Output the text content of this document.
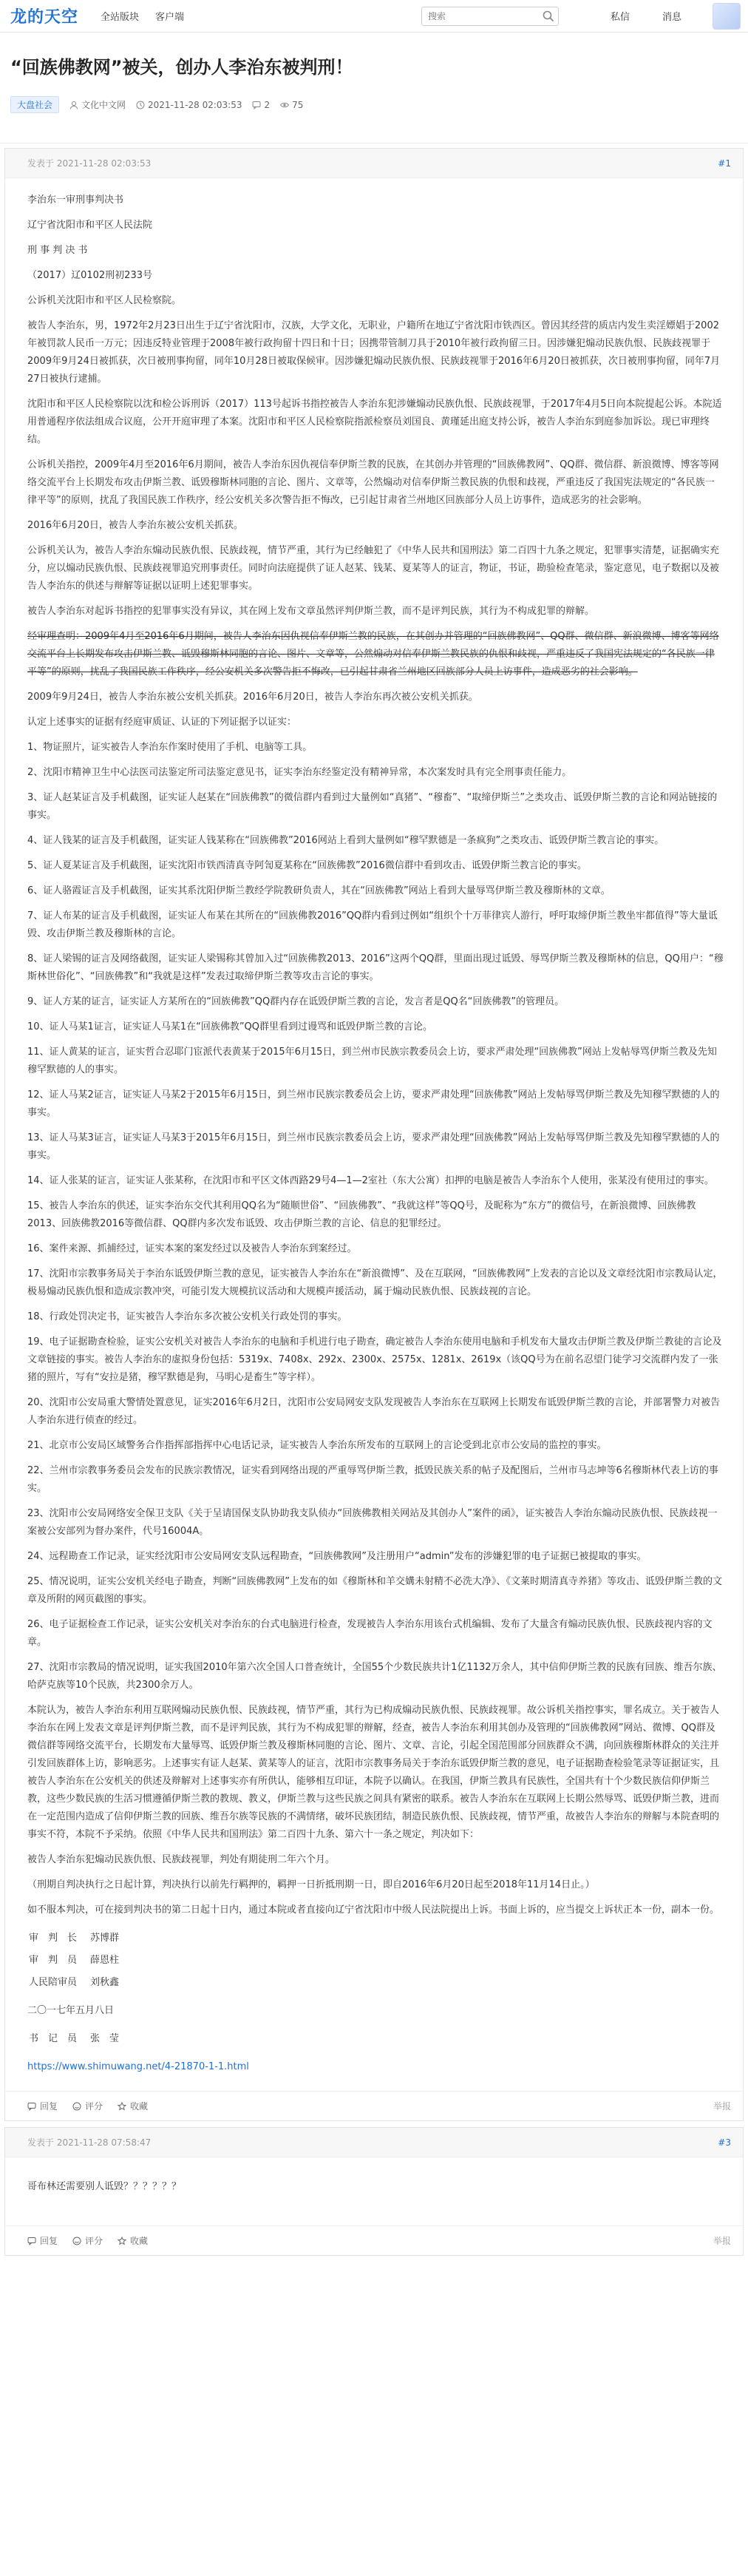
龙的天空 全站版块 客户端
搜索	私信	消息
“回族佛教网”被关，创办人李治东被判刑！
大盘社会	文化中文网	2021-11-28 02:03:53	2	75
发表于 2021-11-28 02:03:53	#1

李治东一审刑事判决书

辽宁省沈阳市和平区人民法院

刑 事 判 决 书

（2017）辽0102刑初233号

公诉机关沈阳市和平区人民检察院。

被告人李治东，男，1972年2月23日出生于辽宁省沈阳市，汉族，大学文化，无职业，户籍所在地辽宁省沈阳市铁西区。曾因其经营的质店内发生卖淫嫖娼于2002年被罚款人民币一万元；因违反特业管理于2008年被行政拘留十四日和十日；因携带管制刀具于2010年被行政拘留三日。因涉嫌犯煽动民族仇恨、民族歧视罪于2009年9月24日被抓获，次日被刑事拘留，同年10月28日被取保候审。因涉嫌犯煽动民族仇恨、民族歧视罪于2016年6月20日被抓获，次日被刑事拘留，同年7月27日被执行逮捕。

沈阳市和平区人民检察院以沈和检公诉刑诉（2017）113号起诉书指控被告人李治东犯涉嫌煽动民族仇恨、民族歧视罪，于2017年4月5日向本院提起公诉。本院适用普通程序依法组成合议庭，公开开庭审理了本案。沈阳市和平区人民检察院指派检察员刘国良、黄瑾延出庭支持公诉，被告人李治东到庭参加诉讼。现已审理终结。

公诉机关指控，2009年4月至2016年6月期间，被告人李治东因仇视信奉伊斯兰教的民族，在其创办并管理的“回族佛教网”、QQ群、微信群、新浪微博、博客等网络交流平台上长期发布攻击伊斯兰教、诋毁穆斯林同胞的言论、图片、文章等，公然煽动对信奉伊斯兰教民族的仇恨和歧视，严重违反了我国宪法规定的“各民族一律平等”的原则，扰乱了我国民族工作秩序，经公安机关多次警告拒不悔改，已引起甘肃省兰州地区回族部分人员上访事件，造成恶劣的社会影响。

2016年6月20日，被告人李治东被公安机关抓获。

公诉机关认为，被告人李治东煽动民族仇恨、民族歧视，情节严重，其行为已经触犯了《中华人民共和国刑法》第二百四十九条之规定，犯罪事实清楚，证据确实充分，应以煽动民族仇恨、民族歧视罪追究刑事责任。同时向法庭提供了证人赵某、钱某、夏某等人的证言，物证，书证，勘验检查笔录，鉴定意见，电子数据以及被告人李治东的供述与辩解等证据以证明上述犯罪事实。

被告人李治东对起诉书指控的犯罪事实没有异议，其在网上发布文章虽然评判伊斯兰教，而不是评判民族，其行为不构成犯罪的辩解。

经审理查明：2009年4月至2016年6月期间，被告人李治东因仇视信奉伊斯兰教的民族，在其创办并管理的“回族佛教网”、QQ群、微信群、新浪微博、博客等网络交流平台上长期发布攻击伊斯兰教、诋毁穆斯林同胞的言论、图片、文章等，公然煽动对信奉伊斯兰教民族的仇恨和歧视，严重违反了我国宪法规定的“各民族一律平等”的原则，扰乱了我国民族工作秩序，经公安机关多次警告拒不悔改，已引起甘肃省兰州地区回族部分人员上访事件，造成恶劣的社会影响。

2009年9月24日，被告人李治东被公安机关抓获。2016年6月20日，被告人李治东再次被公安机关抓获。

认定上述事实的证据有经庭审质证、认证的下列证据予以证实：

1、物证照片，证实被告人李治东作案时使用了手机、电脑等工具。

2、沈阳市精神卫生中心法医司法鉴定所司法鉴定意见书，证实李治东经鉴定没有精神异常，本次案发时具有完全刑事责任能力。

3、证人赵某证言及手机截图，证实证人赵某在“回族佛教”的微信群内看到过大量例如“真猪”、“穆畜”、“取缔伊斯兰”之类攻击、诋毁伊斯兰教的言论和网站链接的事实。

4、证人钱某的证言及手机截图，证实证人钱某称在“回族佛教”2016网站上看到大量例如“穆罕默德是一条疯狗”之类攻击、诋毁伊斯兰教言论的事实。

5、证人夏某证言及手机截图，证实沈阳市铁西清真寺阿訇夏某称在“回族佛教”2016微信群中看到攻击、诋毁伊斯兰教言论的事实。

6、证人骆霞证言及手机截图，证实其系沈阳伊斯兰教经学院教研负责人，其在“回族佛教”网站上看到大量辱骂伊斯兰教及穆斯林的文章。

7、证人布某的证言及手机截图，证实证人布某在其所在的“回族佛教2016”QQ群内看到过例如“组织个十万菲律宾人游行，呼吁取缔伊斯兰教坐牢都值得”等大量诋毁、攻击伊斯兰教及穆斯林的言论。

8、证人梁锡的证言及网络截图，证实证人梁锡称其曾加入过“回族佛教2013、2016”这两个QQ群，里面出现过诋毁、辱骂伊斯兰教及穆斯林的信息，QQ用户：“穆斯林世俗化”、“回族佛教”和“我就是这样”发表过取缔伊斯兰教等攻击言论的事实。

9、证人方某的证言，证实证人方某所在的“回族佛教”QQ群内存在诋毁伊斯兰教的言论，发言者是QQ名“回族佛教”的管理员。

10、证人马某1证言，证实证人马某1在“回族佛教”QQ群里看到过谩骂和诋毁伊斯兰教的言论。

11、证人黄某的证言，证实哲合忍耶门宦派代表黄某于2015年6月15日，到兰州市民族宗教委员会上访，要求严肃处理“回族佛教”网站上发帖辱骂伊斯兰教及先知穆罕默德的人的事实。

12、证人马某2证言，证实证人马某2于2015年6月15日，到兰州市民族宗教委员会上访，要求严肃处理“回族佛教”网站上发帖辱骂伊斯兰教及先知穆罕默德的人的事实。

13、证人马某3证言，证实证人马某3于2015年6月15日，到兰州市民族宗教委员会上访，要求严肃处理“回族佛教”网站上发帖辱骂伊斯兰教及先知穆罕默德的人的事实。

14、证人张某的证言，证实证人张某称，在沈阳市和平区文体西路29号4—1—2室社（东大公寓）扣押的电脑是被告人李治东个人使用，张某没有使用过的事实。

15、被告人李治东的供述，证实李治东交代其利用QQ名为“随顺世俗”、“回族佛教”、“我就这样”等QQ号，及昵称为“东方”的微信号，在新浪微博、回族佛教2013、回族佛教2016等微信群、QQ群内多次发布诋毁、攻击伊斯兰教的言论、信息的犯罪经过。

16、案件来源、抓捕经过，证实本案的案发经过以及被告人李治东到案经过。

17、沈阳市宗教事务局关于李治东诋毁伊斯兰教的意见，证实被告人李治东在“新浪微博”、及在互联网，“回族佛教网”上发表的言论以及文章经沈阳市宗教局认定，极易煽动民族仇恨和造成宗教冲突，可能引发大规模抗议活动和大规模声援活动，属于煽动民族仇恨、民族歧视的言论。

18、行政处罚决定书，证实被告人李治东多次被公安机关行政处罚的事实。

19、电子证据勘查检验，证实公安机关对被告人李治东的电脑和手机进行电子勘查，确定被告人李治东使用电脑和手机发布大量攻击伊斯兰教及伊斯兰教徒的言论及文章链接的事实。被告人李治东的虚拟身份包括：5319x、7408x、292x、2300x、2575x、1281x、2619x（该QQ号为在前名忍望门徒学习交流群内发了一张猪的照片，写有“安拉是猪，穆罕默德是狗，马明心是畜生”等字样）。

20、沈阳市公安局重大警情处置意见，证实2016年6月2日，沈阳市公安局网安支队发现被告人李治东在互联网上长期发布诋毁伊斯兰教的言论，并部署警力对被告人李治东进行侦查的经过。

21、北京市公安局区域警务合作指挥部指挥中心电话记录，证实被告人李治东所发布的互联网上的言论受到北京市公安局的监控的事实。

22、兰州市宗教事务委员会发布的民族宗教情况，证实看到网络出现的严重辱骂伊斯兰教，抵毁民族关系的帖子及配图后，兰州市马志坤等6名穆斯林代表上访的事实。

23、沈阳市公安局网络安全保卫支队《关于呈请国保支队协助我支队侦办“回族佛教相关网站及其创办人”案件的函》，证实被告人李治东煽动民族仇恨、民族歧视一案被公安部列为督办案件，代号16004A。

24、远程勘查工作记录，证实经沈阳市公安局网安支队远程勘查，“回族佛教网”及注册用户“admin”发布的涉嫌犯罪的电子证据已被提取的事实。

25、情况说明，证实公安机关经电子勘查，判断“回族佛教网”上发布的如《穆斯林和羊交媾未射精不必洗大净》、《文莱时期清真寺养猪》等攻击、诋毁伊斯兰教的文章及所附的网页截图的事实。

26、电子证据检查工作记录，证实公安机关对李治东的台式电脑进行检查，发现被告人李治东用该台式机编辑、发布了大量含有煽动民族仇恨、民族歧视内容的文章。

27、沈阳市宗教局的情况说明，证实我国2010年第六次全国人口普查统计，全国55个少数民族共计1亿1132万余人，其中信仰伊斯兰教的民族有回族、维吾尔族、哈萨克族等10个民族，共2300余万人。

本院认为，被告人李治东利用互联网煽动民族仇恨、民族歧视，情节严重，其行为已构成煽动民族仇恨、民族歧视罪。故公诉机关指控事实，罪名成立。关于被告人李治东在网上发表文章是评判伊斯兰教，而不是评判民族，其行为不构成犯罪的辩解，经查，被告人李治东利用其创办及管理的“回族佛教网”网站、微博、QQ群及微信群等网络交流平台，长期发布大量辱骂、诋毁伊斯兰教及穆斯林同胞的言论、图片、文章、言论，引起全国范围部分回族群众不满，向回族穆斯林群众的关注并引发回族群体上访，影响恶劣。上述事实有证人赵某、黄某等人的证言，沈阳市宗教事务局关于李治东诋毁伊斯兰教的意见，电子证据勘查检验笔录等证据证实，且被告人李治东在公安机关的供述及辩解对上述事实亦有所供认，能够相互印证，本院予以确认。在我国，伊斯兰教具有民族性，全国共有十个少数民族信仰伊斯兰教，这些少数民族的生活习惯遵循伊斯兰教的教规、教义，伊斯兰教与这些民族之间具有紧密的联系。被告人李治东在互联网上长期公然辱骂、诋毁伊斯兰教，进而在一定范围内造成了信仰伊斯兰教的回族、维吾尔族等民族的不满情绪，破坏民族团结，制造民族仇恨、民族歧视，情节严重，故被告人李治东的辩解与本院查明的事实不符，本院不予采纳。依照《中华人民共和国刑法》第二百四十九条、第六十一条之规定，判决如下：

被告人李治东犯煽动民族仇恨、民族歧视罪，判处有期徒刑二年六个月。

（刑期自判决执行之日起计算，判决执行以前先行羁押的，羁押一日折抵刑期一日，即自2016年6月20日起至2018年11月14日止。）

如不服本判决，可在接到判决书的第二日起十日内，通过本院或者直接向辽宁省沈阳市中级人民法院提出上诉。书面上诉的，应当提交上诉状正本一份，副本一份。

审　判　长	苏博群
审　判　员	薛恩柱
人民陪审员	刘秋鑫

二〇一七年五月八日

书　记　员	张　莹

https://www.shimuwang.net/4-21870-1-1.html

回复	评分	收藏	举报
发表于 2021-11-28 07:58:47	#3

哥布林还需要别人诋毁？？？？？？

回复	评分	收藏	举报
